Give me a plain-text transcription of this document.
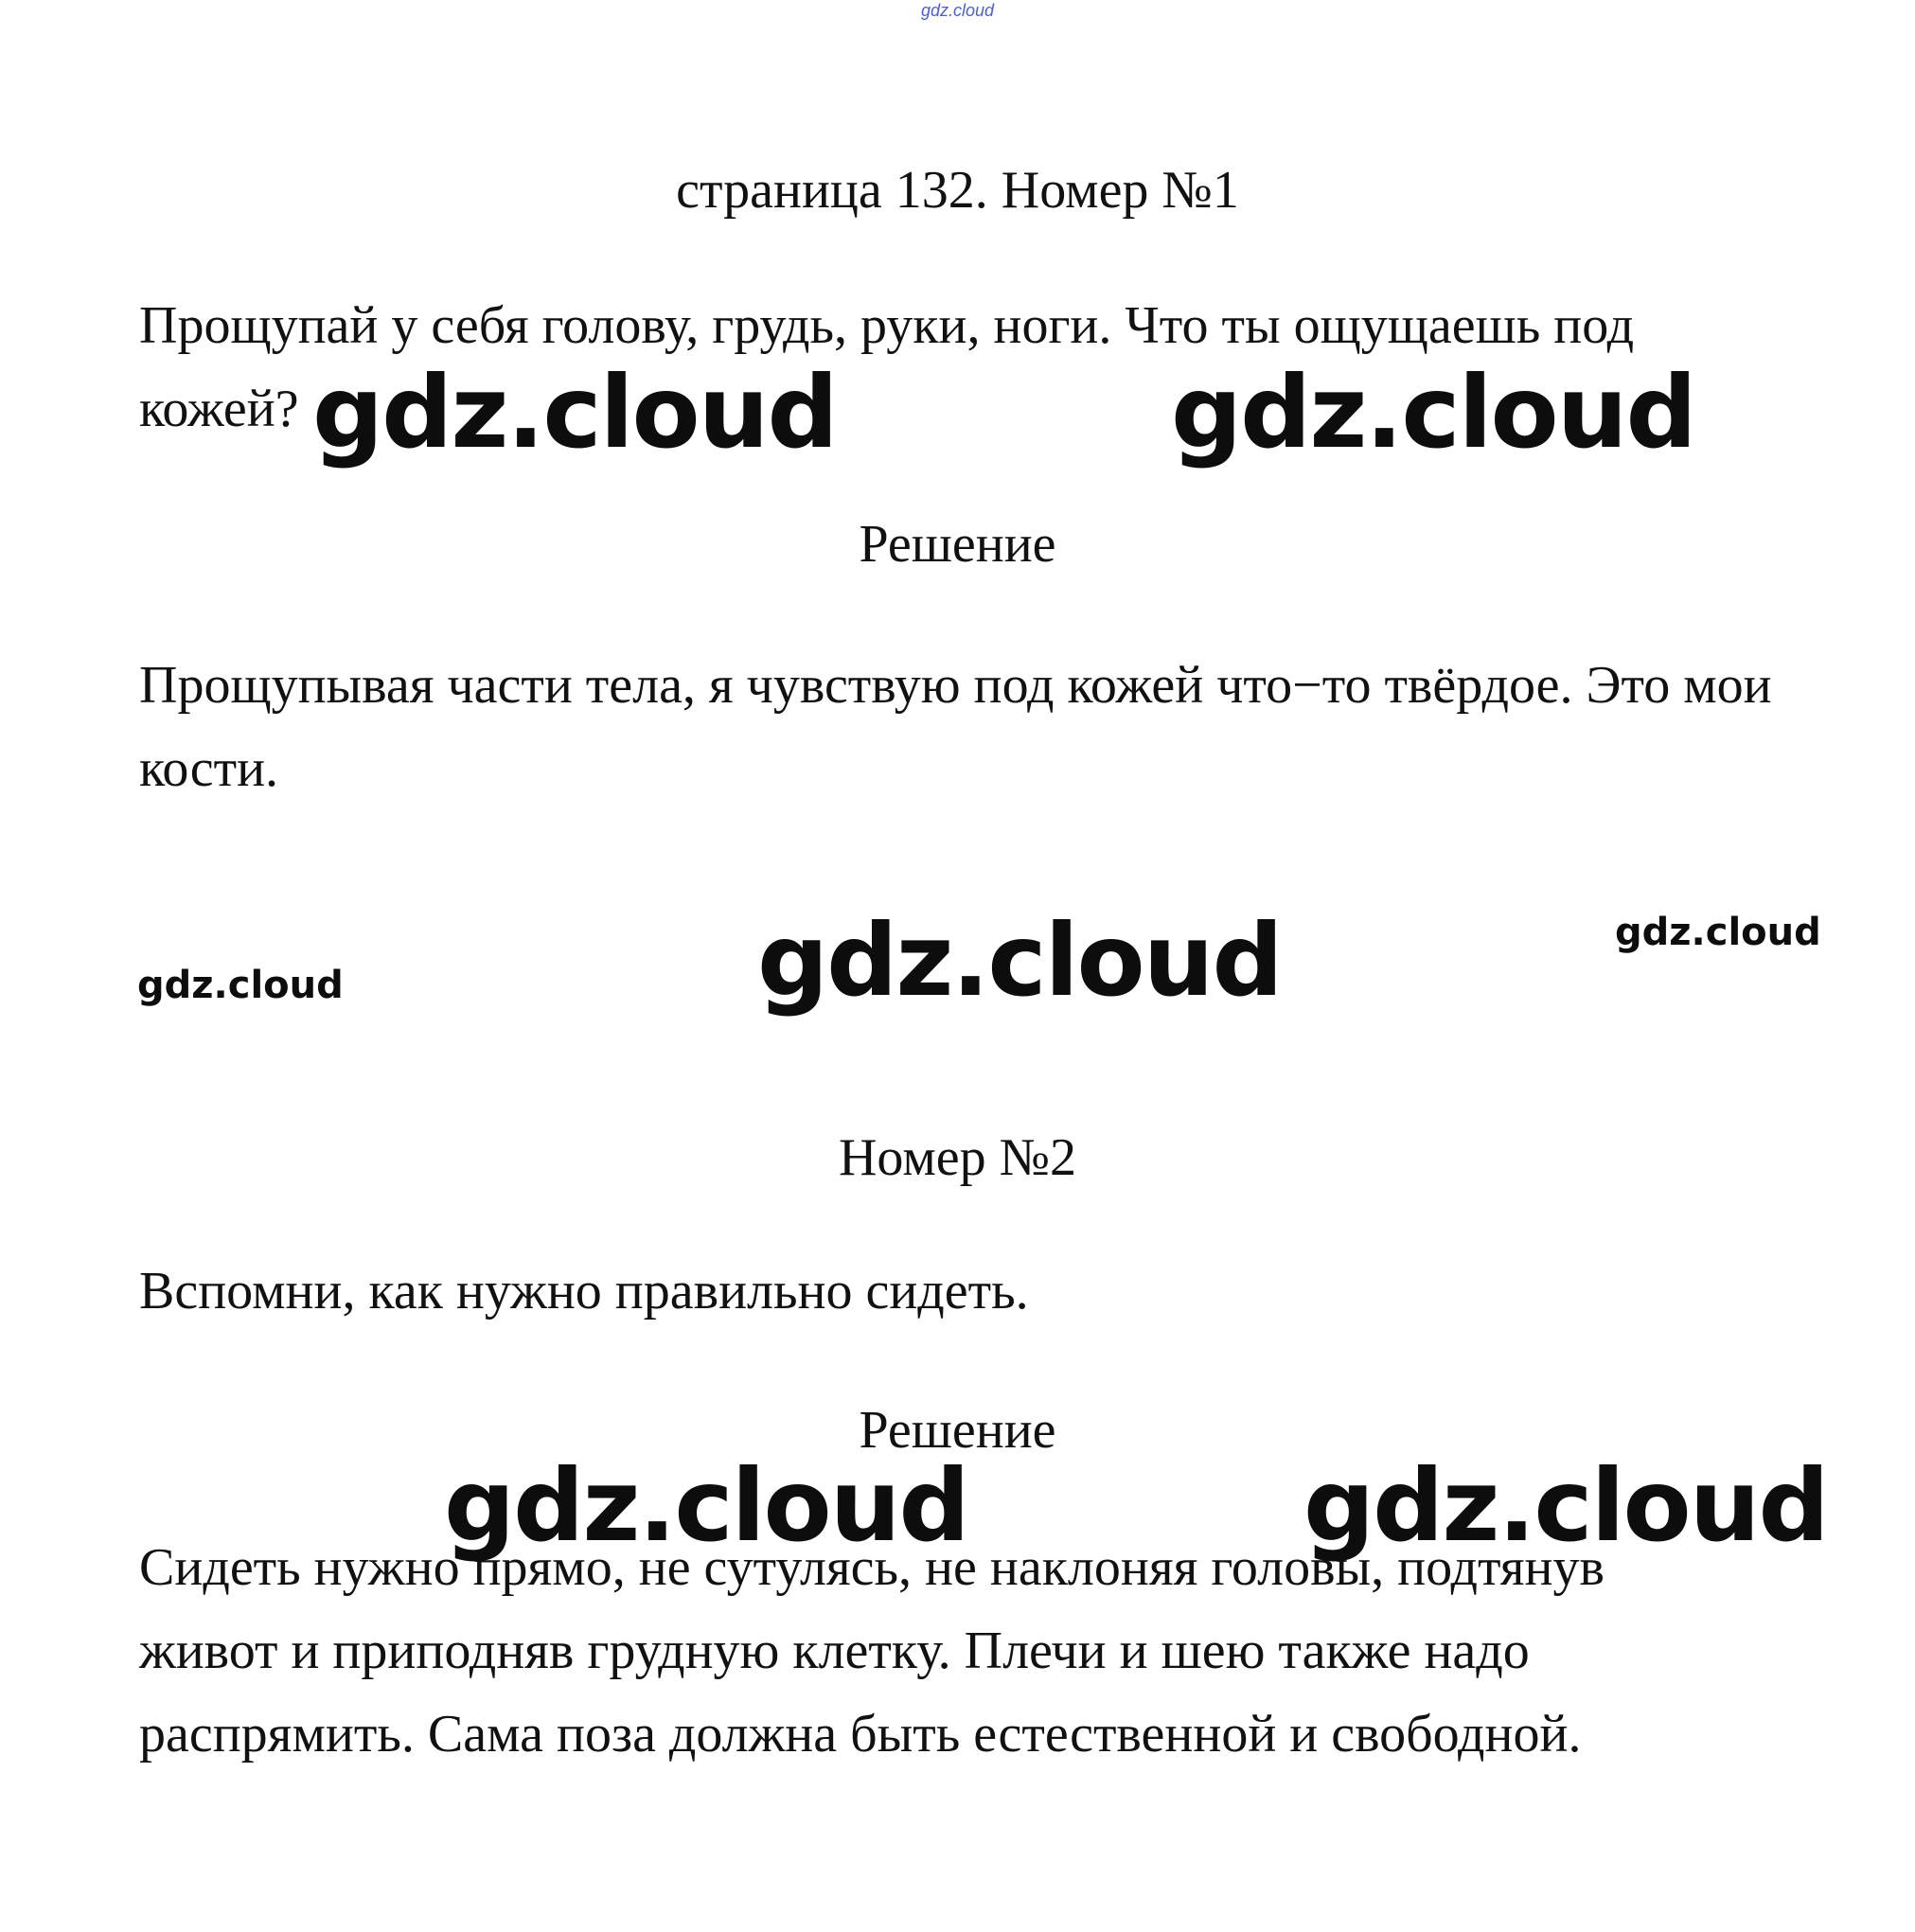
gdz.cloud
страница 132. Номер №1
Прощупай у себя голову, грудь, руки, ноги. Что ты ощущаешь под кожей?
Решение
Прощупывая части тела, я чувствую под кожей что−то твёрдое. Это мои кости.
Номер №2
Вспомни, как нужно правильно сидеть.
Решение
Сидеть нужно прямо, не сутулясь, не наклоняя головы, подтянув живот и приподняв грудную клетку. Плечи и шею также надо распрямить. Сама поза должна быть естественной и свободной.
gdz.cloud	gdz.cloud
gdz.cloud	gdz.cloud
gdz.cloud
gdz.cloud	gdz.cloud
